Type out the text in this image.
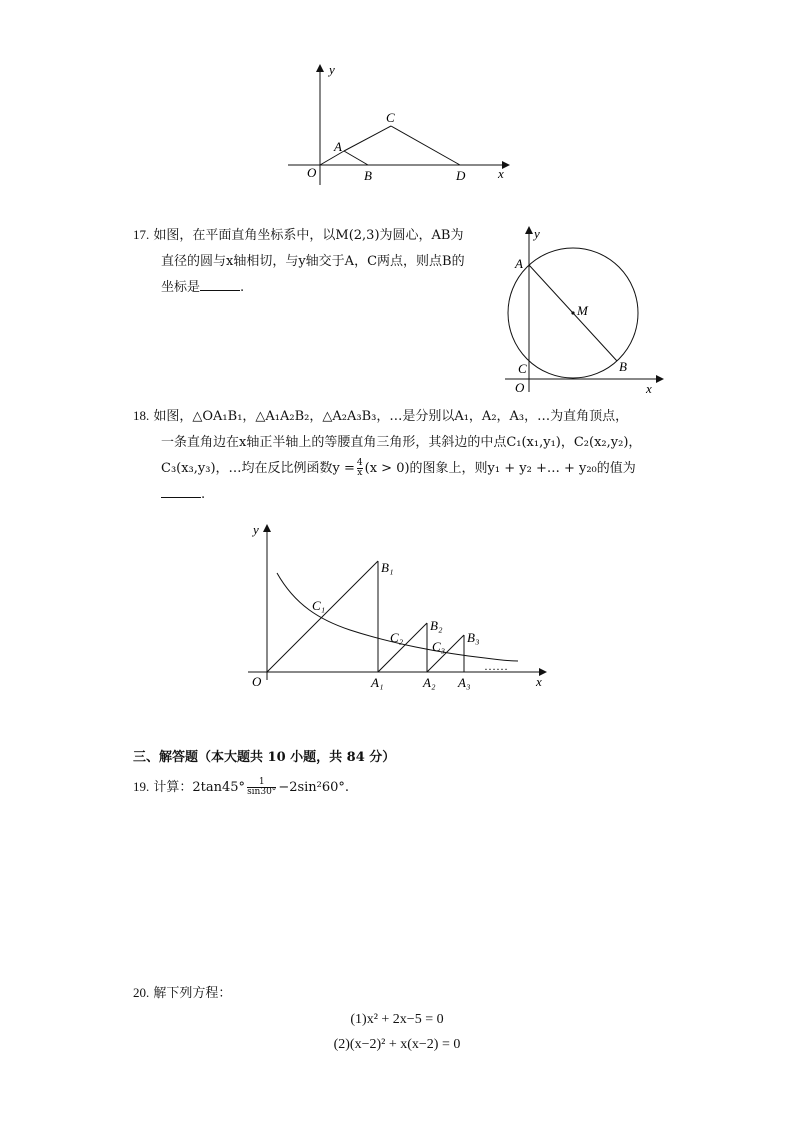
y
x
O
A
B
C
D
17. 如图，在平面直角坐标系中，以M(2,3)为圆心，AB为
直径的圆与x轴相切，与y轴交于A，C两点，则点B的
坐标是	.
y
x
O
A
C	B
M
18. 如图，△OA₁B₁，△A₁A₂B₂，△A₂A₃B₃，…是分别以A₁，A₂，A₃，…为直角顶点，
一条直角边在x轴正半轴上的等腰直角三角形，其斜边的中点C₁(x₁,y₁)，C₂(x₂,y₂)，
C₃(x₃,y₃)，…均在反比例函数$y = \frac{4}{x} (x > 0)$的图象上，则y₁ + y₂ +… + y₂₀的值为
.
y
x
O
B₁
B₂
B₃
C₁
C₂
C₃
A₁	A₂ A₃
……
三、解答题（本大题共 10 小题，共 84 分）
19. 计算：$2\tan 45^\circ \frac{1}{\sin 30^\circ} -2\sin^260^\circ$.
20. 解下列方程：
(1)x² + 2x−5 = 0
(2)(x−2)² + x(x−2) = 0
